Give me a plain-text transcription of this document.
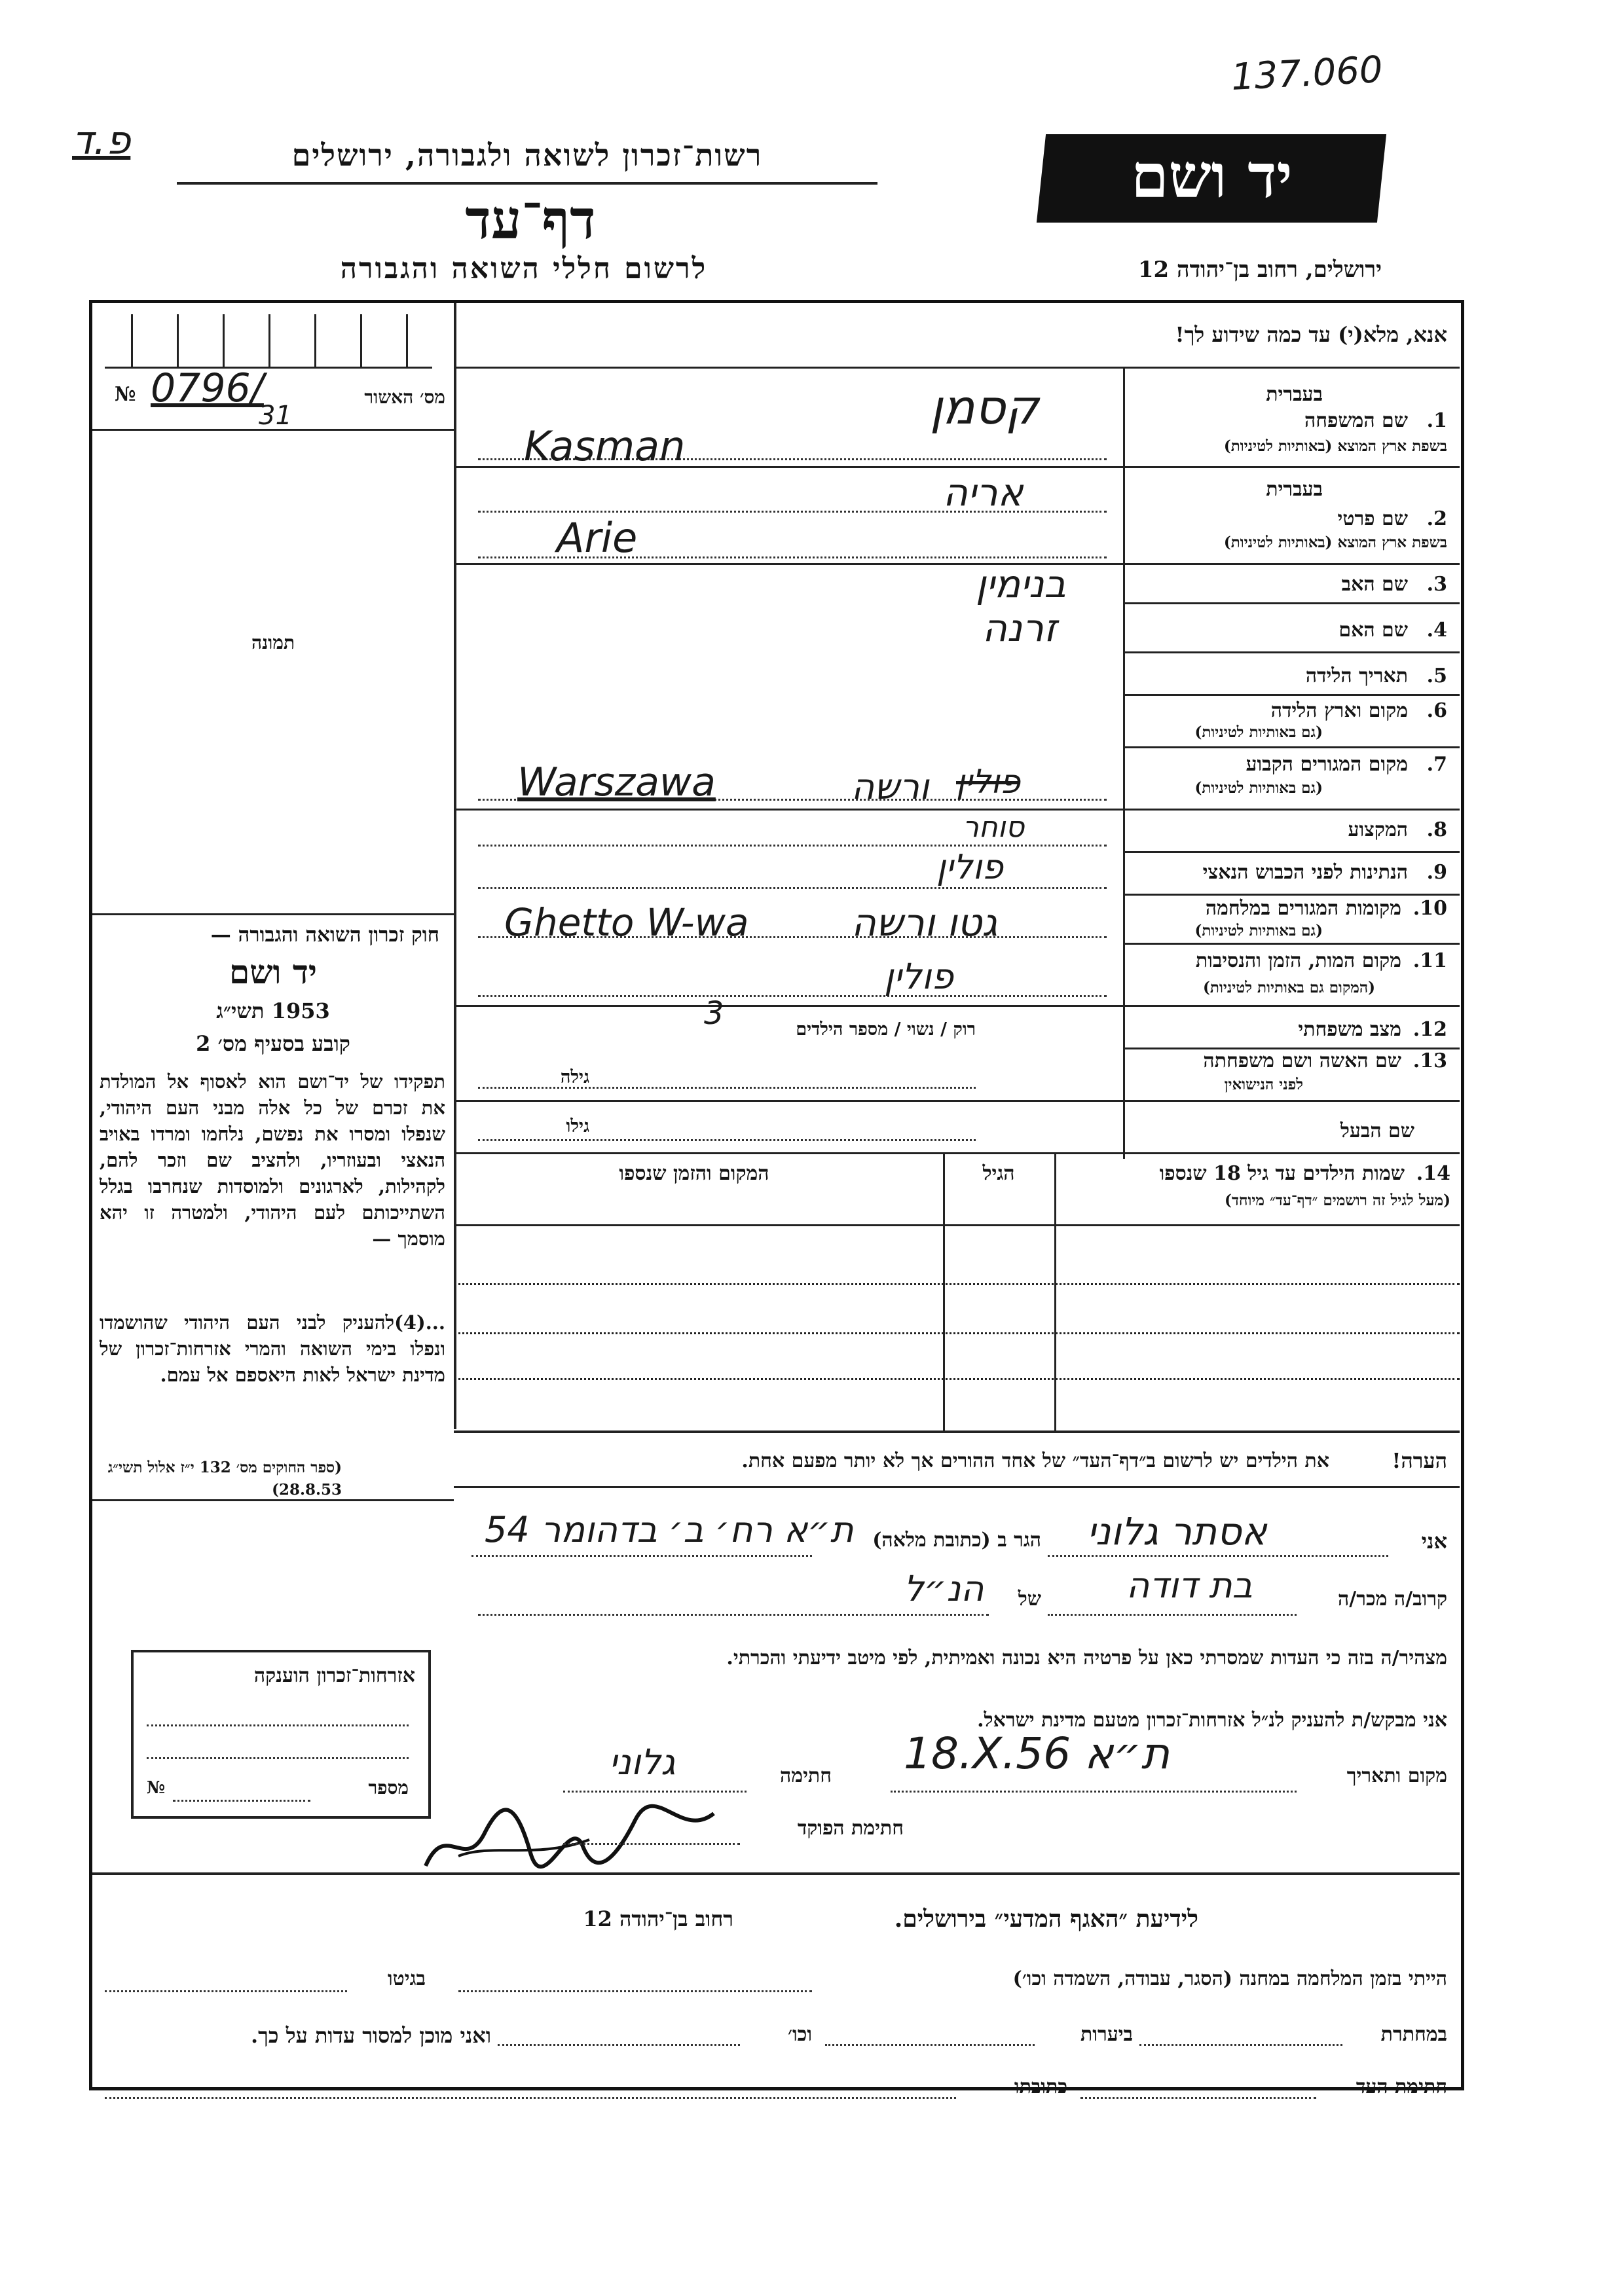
137.060
פ.ד	רשות־זכרון לשואה ולגבורה, ירושלים
דף־עד
לרשום חללי השואה והגבורה
יד ושם
ירושלים, רחוב בן־יהודה 12
אנא, מלא(י) עד כמה שידוע לך!
№ 0796/
31
מס׳ האשור
תמונה
חוק זכרון השואה והגבורה —
יד ושם
1953 תשי״ג
קובע בסעיף מס׳ 2
תפקידו של יד־ושם הוא לאסוף אל המולדת את זכרם של כל אלה מבני העם היהודי, שנפלו ומסרו את נפשם, נלחמו ומרדו באויב הנאצי ובעוזריו, ולהציב שם וזכר להם, לקהילות, לארגונים ולמוסדות שנחרבו בגלל השתייכותם לעם היהודי, ולמטרה זו יהא מוסמך —
...(4)להעניק לבני העם היהודי שהושמדו ונפלו בימי השואה והמרי אזרחות־זכרון של מדינת ישראל לאות היאספם אל עמם.
(ספר החוקים מס׳ 132 י״ז אלול תשי״ג 28.8.53)
בעברית
1.
שם המשפחה
בשפת ארץ המוצא (באותיות לטיניות)
קסמן
Kasman
בעברית
2.
שם פרטי
בשפת ארץ המוצא (באותיות לטיניות)
אריה
Arie
3.
שם האב
בנימין
4.
שם האם
זרנה
5.
תאריך הלידה
6.
מקום וארץ הלידה
(גם באותיות לטיניות)
7.
מקום המגורים הקבוע
(גם באותיות לטיניות)
ורשה פולין
Warszawa
8.
המקצוע
סוחר
9.
הנתינות לפני הכבוש הנאצי
פולין
10.
מקומות המגורים במלחמה
(גם באותיות לטיניות)
גטו ורשה
Ghetto W-wa
11.
מקום המות, הזמן והנסיבות
(המקום גם באותיות לטיניות)
פולין
12.
מצב משפחתי
רוק / נשוי / מספר הילדים
3
13.
שם האשה ושם משפחתה
לפני הנישואין
גילה
שם הבעל
גילו
14.
שמות הילדים עד גיל 18 שנספו
(מעל לגיל זה רושמים ״דף־עד״ מיוחד)
הגיל
המקום והזמן שנספו
הערה!
את הילדים יש לרשום ב״דף־העד״ של אחד ההורים אך לא יותר מפעם אחת.
אני
אסתר גלוני
הגר ב (כתובת מלאה)
ת״א רח׳ ב׳ בדהומר 54
קרוב/ה מכר/ה
בת דודה
של
הנ״ל
מצהיר/ה בזה כי העדות שמסרתי כאן על פרטיה היא נכונה ואמיתית, לפי מיטב ידיעתי והכרתי.
אני מבקש/ת להעניק לנ״ל אזרחות־זכרון מטעם מדינת ישראל.
מקום ותאריך
18.X.56 ת״א
חתימה
גלוני
חתימת הפוקד
אזרחות־זכרון הוענקה
מספר
№
לידיעת ״האגף המדעי״ בירושלים.
רחוב בן־יהודה 12
הייתי בזמן המלחמה במחנה (הסגר, עבודה, השמדה וכו׳)
בגיטו
במחתרת
ביערות
וכו׳
ואני מוכן למסור עדות על כך.
חתימת העד
כתובתו
